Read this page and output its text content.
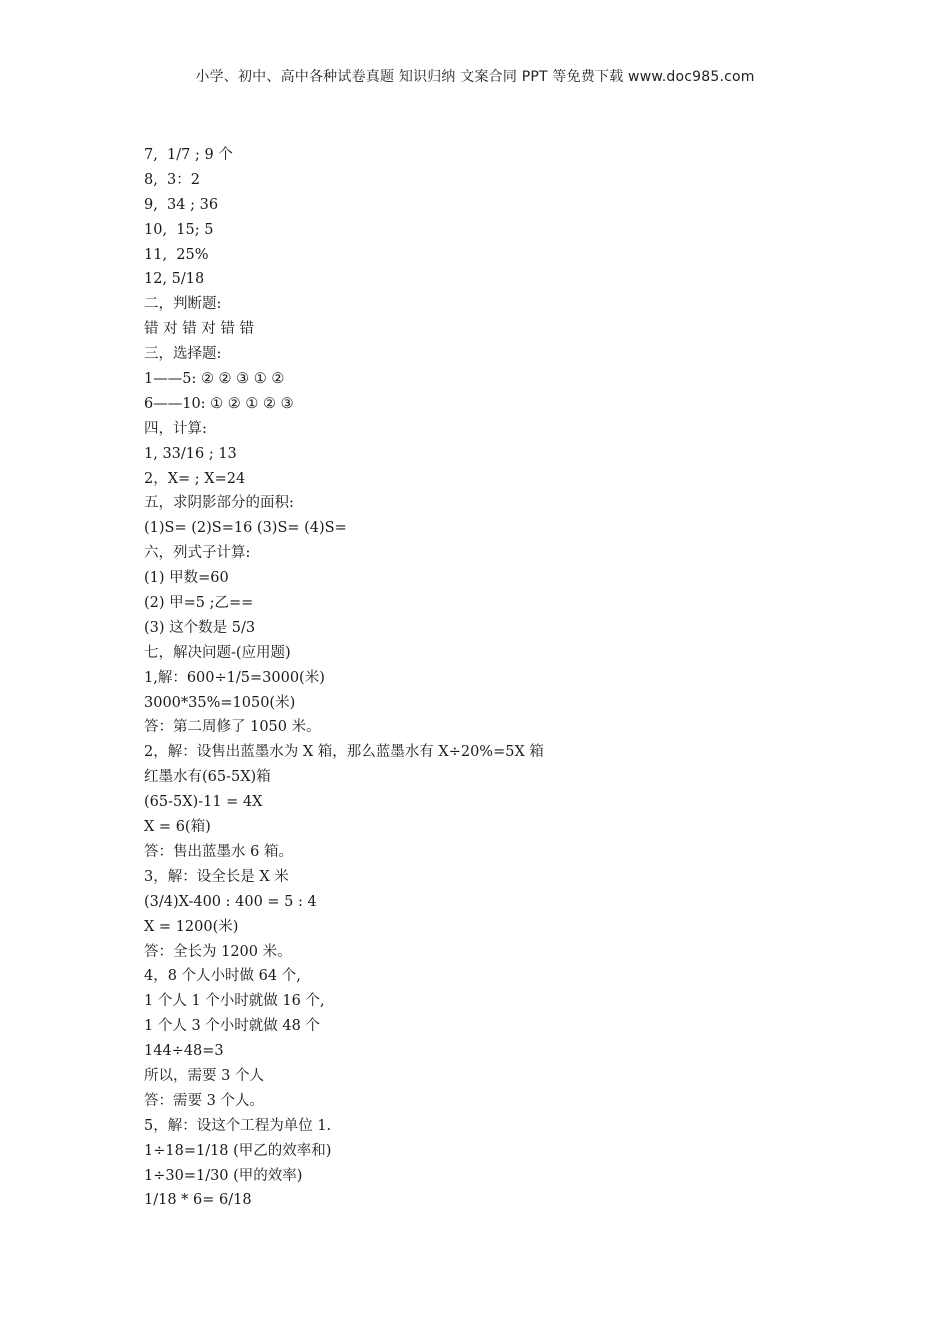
小学、初中、高中各种试卷真题 知识归纳 文案合同 PPT 等免费下载 www.doc985.com
7,  1/7 ; 9 个
8,  3：2
9,  34 ; 36
10,  15; 5
11,  25%
12, 5/18
二，判断题:
错 对 错 对 错 错
三，选择题:
1——5: ② ② ③ ① ②
6——10: ① ② ① ② ③
四，计算:
1, 33/16 ; 13
2，X= ; X=24
五，求阴影部分的面积:
(1)S= (2)S=16 (3)S= (4)S=
六，列式子计算:
(1) 甲数=60
(2) 甲=5 ;乙==
(3) 这个数是 5/3
七，解决问题-(应用题)
1,解：600÷1/5=3000(米)
3000*35%=1050(米)
答：第二周修了 1050 米。
2，解：设售出蓝墨水为 X 箱，那么蓝墨水有 X÷20%=5X 箱
红墨水有(65-5X)箱
(65-5X)-11 = 4X
X = 6(箱)
答：售出蓝墨水 6 箱。
3，解：设全长是 X 米
(3/4)X-400 : 400 = 5 : 4
X = 1200(米)
答：全长为 1200 米。
4，8 个人小时做 64 个,
1 个人 1 个小时就做 16 个,
1 个人 3 个小时就做 48 个
144÷48=3
所以，需要 3 个人
答：需要 3 个人。
5，解：设这个工程为单位 1.
1÷18=1/18 (甲乙的效率和)
1÷30=1/30 (甲的效率)
1/18 * 6= 6/18
